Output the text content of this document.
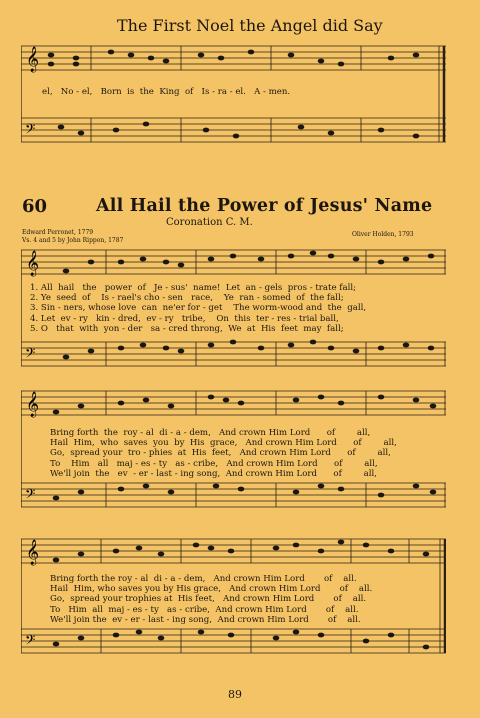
The First Noel the Angel did Say
𝄞
𝄢
el,   No - el,   Born  is  the  King  of   Is - ra - el.   A - men.
60	All Hail the Power of Jesus' Name
Coronation C. M.
Edward Perronet, 1779
Vs. 4 and 5 by John Rippon, 1787
Oliver Holden, 1793
𝄞
𝄢
1. All  hail   the   power  of   Je - sus'  name!  Let  an - gels  pros - trate fall;
2. Ye  seed  of    Is - rael's cho - sen   race,    Ye  ran - somed  of  the fall;
3. Sin - ners, whose love  can  ne'er for - get    The worm-wood and  the  gall,
4. Let  ev - ry   kin - dred,  ev - ry   tribe,    On  this  ter - res - trial ball,
5. O   that  with  yon - der   sa - cred throng,  We  at  His  feet  may  fall;
𝄞
𝄢
Bring forth  the  roy - al  di - a - dem,   And crown Him Lord      of        all,
Hail  Him,  who  saves  you  by  His  grace,   And crown Him Lord      of        all,
Go,  spread your  tro - phies  at  His  feet,   And crown Him Lord      of        all,
To    Him   all   maj - es - ty   as - cribe,   And crown Him Lord      of        all,
We'll join  the   ev  - er - last - ing song,  And crown Him Lord      of        all,
𝄞
𝄢
Bring forth the roy - al  di - a - dem,   And crown Him Lord       of    all.
Hail  Him, who saves you by His grace,   And crown Him Lord       of    all.
Go,  spread your trophies at  His feet,   And crown Him Lord       of    all.
To   Him  all  maj - es - ty   as - cribe,  And crown Him Lord       of    all.
We'll join the  ev - er - last - ing song,  And crown Him Lord       of    all.
89
